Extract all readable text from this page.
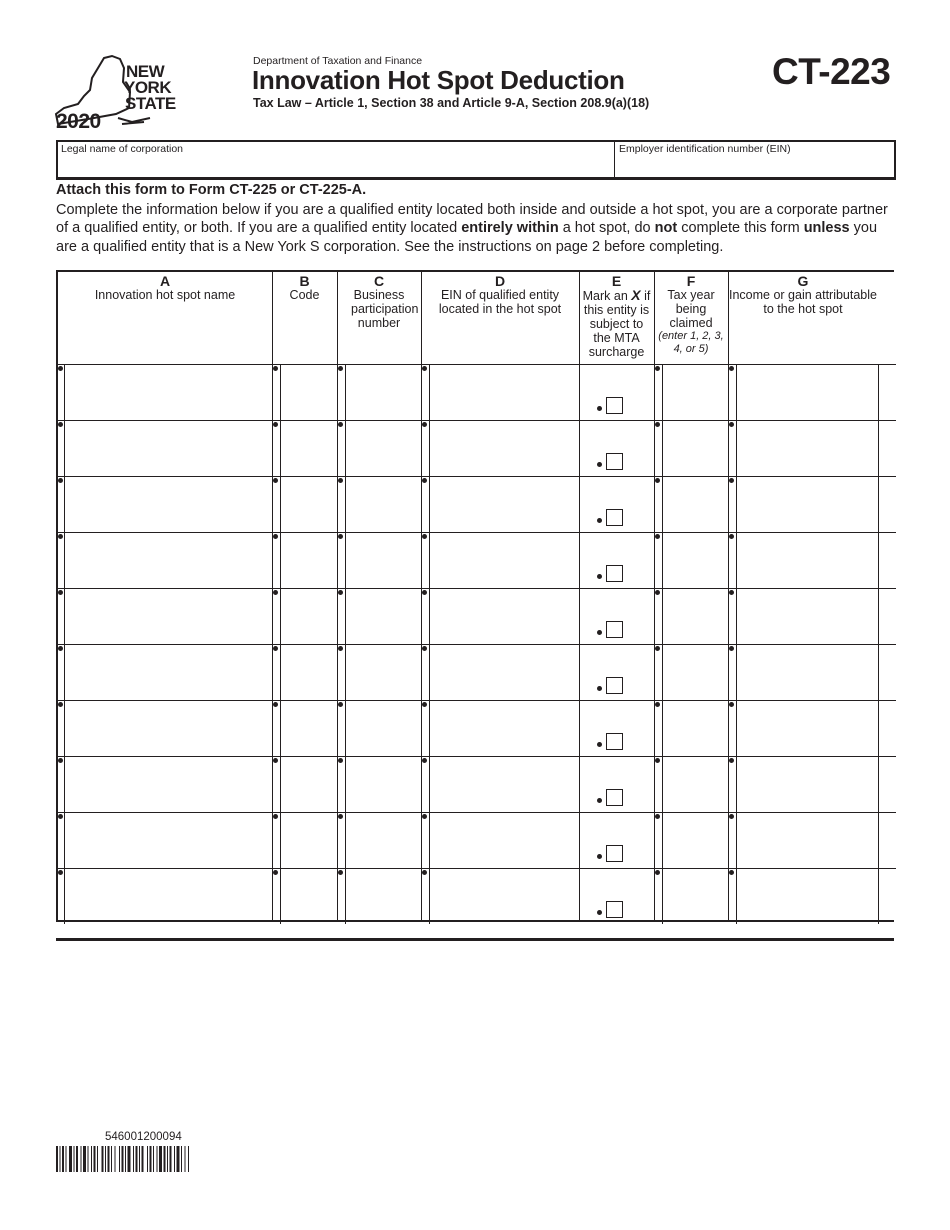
NEW
YORK
STATE
2020
Department of Taxation and Finance
Innovation Hot Spot Deduction
Tax Law – Article 1, Section 38 and Article 9-A, Section 208.9(a)(18)
CT-223
Legal name of corporation	Employer identification number (EIN)
Attach this form to Form CT-225 or CT-225-A.
Complete the information below if you are a qualified entity located both inside and outside a hot spot, you are a corporate partner of a qualified entity, or both. If you are a qualified entity located entirely within a hot spot, do not complete this form unless you are a qualified entity that is a New York S corporation. See the instructions on page 2 before completing.
A
Innovation hot spot name
B
Code
C
Business participation number
D
EIN of qualified entity located in the hot spot
E
Mark an X if this entity is subject to the MTA surcharge
F
Tax year being claimed
(enter 1, 2, 3, 4, or 5)
G
Income or gain attributable to the hot spot
546001200094
